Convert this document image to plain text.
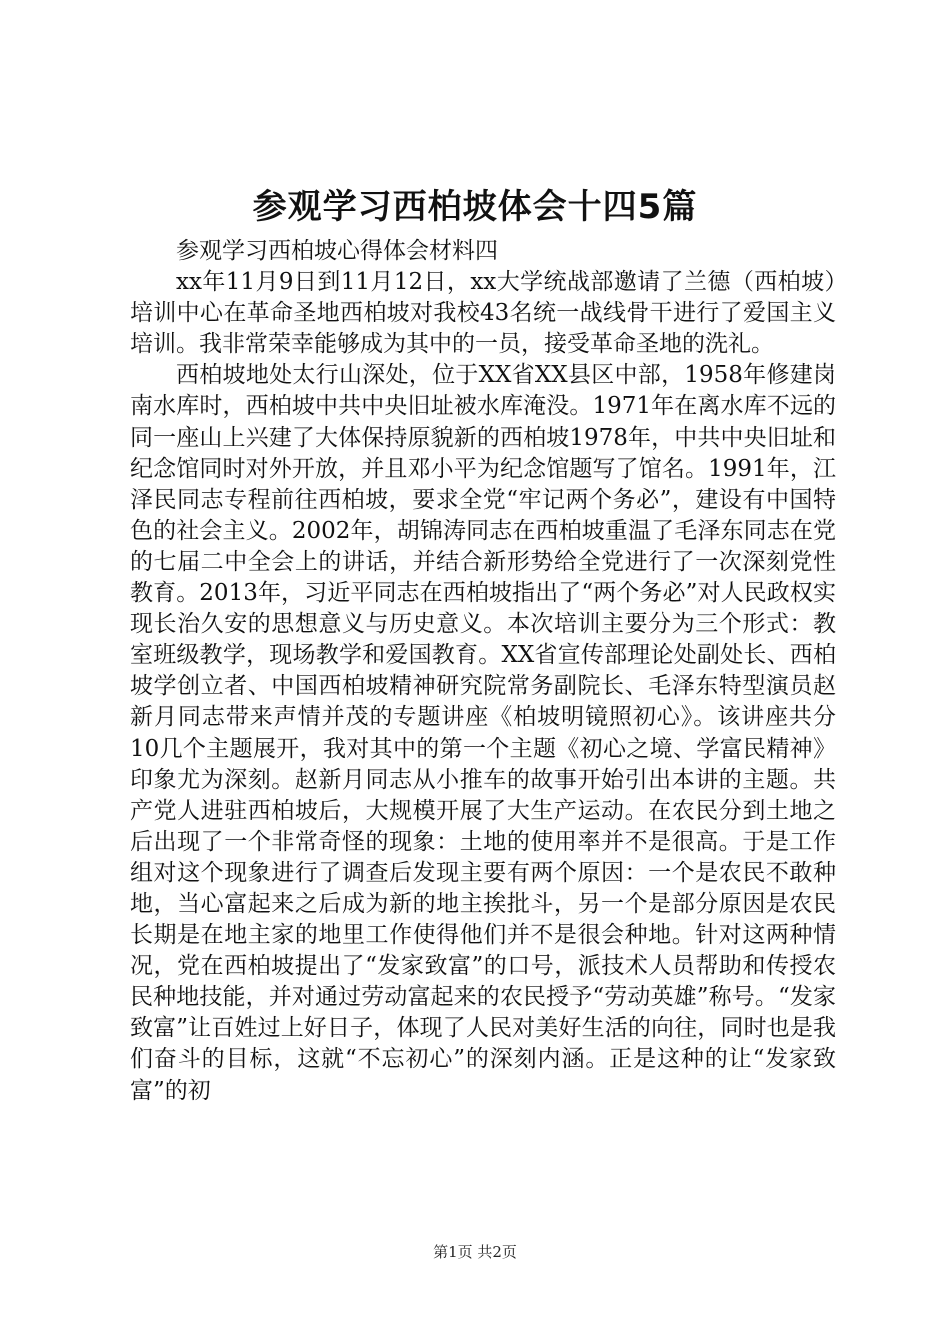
参观学习西柏坡体会十四5篇

参观学习西柏坡心得体会材料四

xx年11月9日到11月12日，xx大学统战部邀请了兰德（西柏坡）培训中心在革命圣地西柏坡对我校43名统一战线骨干进行了爱国主义培训。我非常荣幸能够成为其中的一员，接受革命圣地的洗礼。

西柏坡地处太行山深处，位于XX省XX县区中部，1958年修建岗南水库时，西柏坡中共中央旧址被水库淹没。1971年在离水库不远的同一座山上兴建了大体保持原貌新的西柏坡1978年，中共中央旧址和纪念馆同时对外开放，并且邓小平为纪念馆题写了馆名。1991年，江泽民同志专程前往西柏坡，要求全党“牢记两个务必”，建设有中国特色的社会主义。2002年，胡锦涛同志在西柏坡重温了毛泽东同志在党的七届二中全会上的讲话，并结合新形势给全党进行了一次深刻党性教育。2013年，习近平同志在西柏坡指出了“两个务必”对人民政权实现长治久安的思想意义与历史意义。本次培训主要分为三个形式：教室班级教学，现场教学和爱国教育。XX省宣传部理论处副处长、西柏坡学创立者、中国西柏坡精神研究院常务副院长、毛泽东特型演员赵新月同志带来声情并茂的专题讲座《柏坡明镜照初心》。该讲座共分10几个主题展开，我对其中的第一个主题《初心之境、学富民精神》印象尤为深刻。赵新月同志从小推车的故事开始引出本讲的主题。共产党人进驻西柏坡后，大规模开展了大生产运动。在农民分到土地之后出现了一个非常奇怪的现象：土地的使用率并不是很高。于是工作组对这个现象进行了调查后发现主要有两个原因：一个是农民不敢种地，当心富起来之后成为新的地主挨批斗，另一个是部分原因是农民长期是在地主家的地里工作使得他们并不是很会种地。针对这两种情况，党在西柏坡提出了“发家致富”的口号，派技术人员帮助和传授农民种地技能，并对通过劳动富起来的农民授予“劳动英雄”称号。“发家致富”让百姓过上好日子，体现了人民对美好生活的向往，同时也是我们奋斗的目标，这就“不忘初心”的深刻内涵。正是这种的让“发家致富”的初

第1页 共2页
